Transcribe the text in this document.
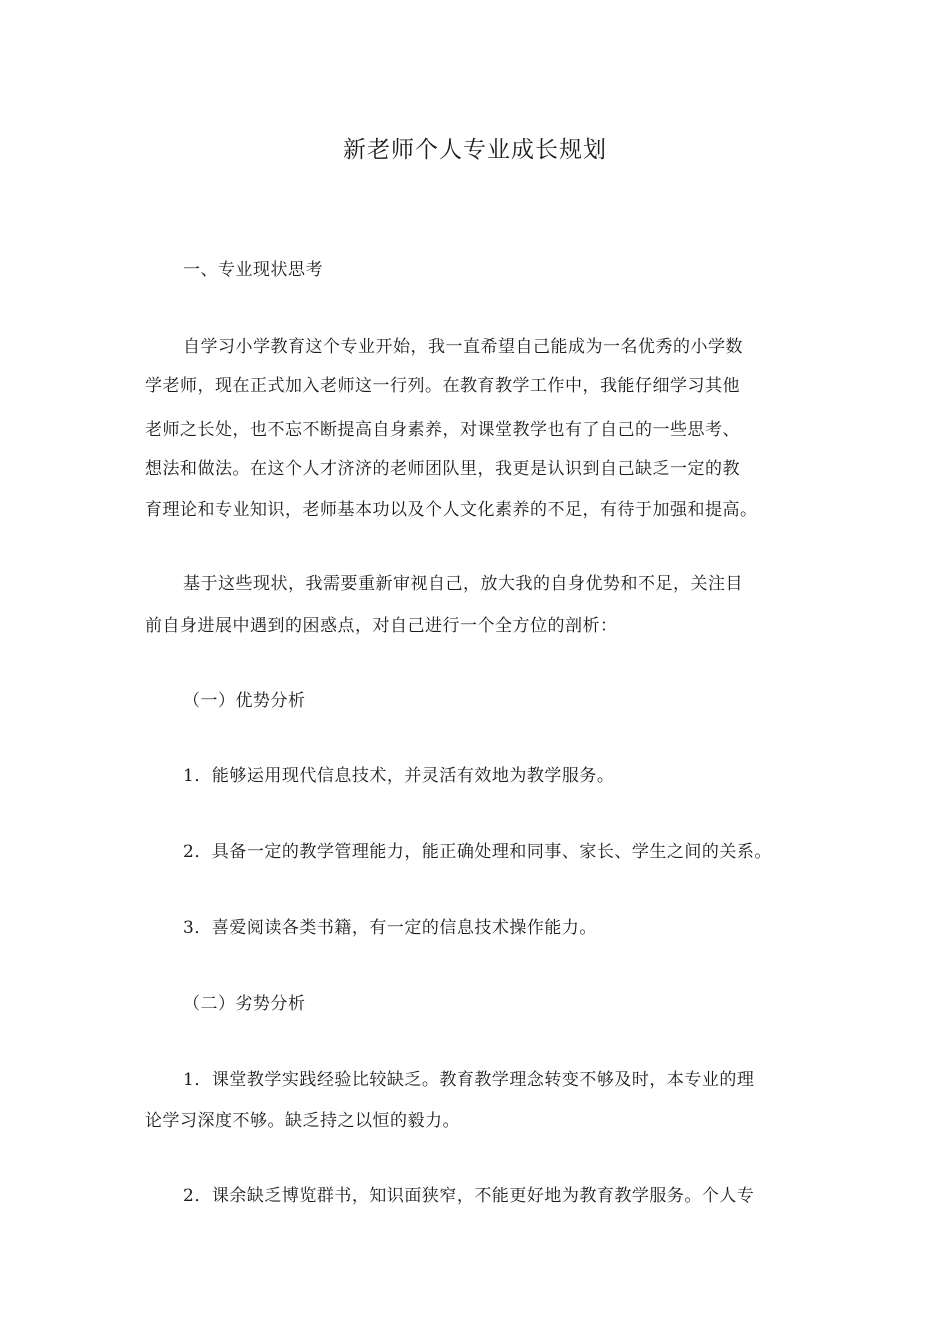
新老师个人专业成长规划
一、专业现状思考
自学习小学教育这个专业开始，我一直希望自己能成为一名优秀的小学数
学老师，现在正式加入老师这一行列。在教育教学工作中，我能仔细学习其他
老师之长处，也不忘不断提高自身素养，对课堂教学也有了自己的一些思考、
想法和做法。在这个人才济济的老师团队里，我更是认识到自己缺乏一定的教
育理论和专业知识，老师基本功以及个人文化素养的不足，有待于加强和提高。
基于这些现状，我需要重新审视自己，放大我的自身优势和不足，关注目
前自身进展中遇到的困惑点，对自己进行一个全方位的剖析：
（一）优势分析
1．能够运用现代信息技术，并灵活有效地为教学服务。
2．具备一定的教学管理能力，能正确处理和同事、家长、学生之间的关系。
3．喜爱阅读各类书籍，有一定的信息技术操作能力。
（二）劣势分析
1．课堂教学实践经验比较缺乏。教育教学理念转变不够及时，本专业的理
论学习深度不够。缺乏持之以恒的毅力。
2．课余缺乏博览群书，知识面狭窄，不能更好地为教育教学服务。个人专
